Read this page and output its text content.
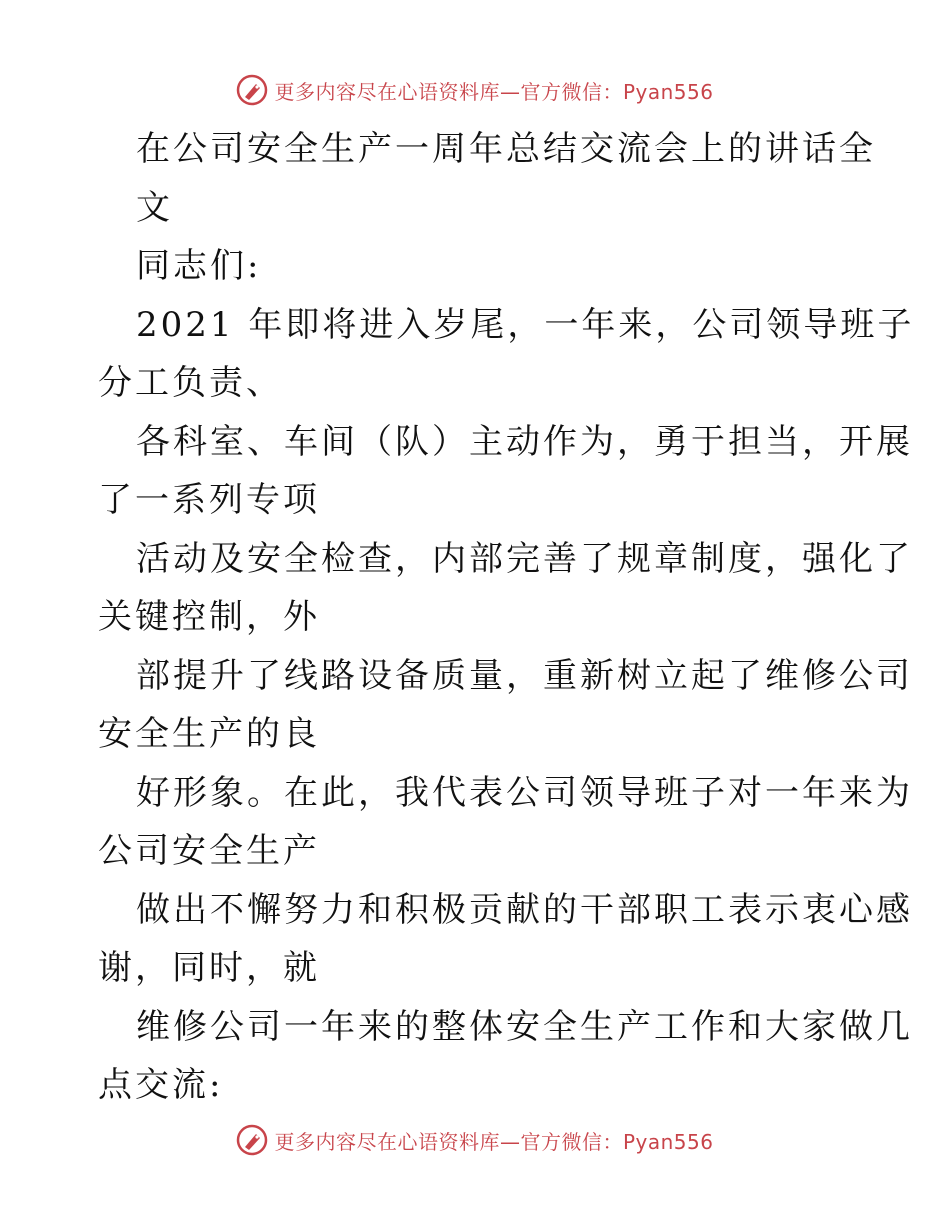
更多内容尽在心语资料库—官方微信：Pyan556
在公司安全生产一周年总结交流会上的讲话全
文
同志们:
2021 年即将进入岁尾，一年来，公司领导班子
分工负责、
各科室、车间（队）主动作为，勇于担当，开展
了一系列专项
活动及安全检查，内部完善了规章制度，强化了
关键控制，外
部提升了线路设备质量，重新树立起了维修公司
安全生产的良
好形象。在此，我代表公司领导班子对一年来为
公司安全生产
做出不懈努力和积极贡献的干部职工表示衷心感
谢，同时，就
维修公司一年来的整体安全生产工作和大家做几
点交流:
更多内容尽在心语资料库—官方微信：Pyan556
